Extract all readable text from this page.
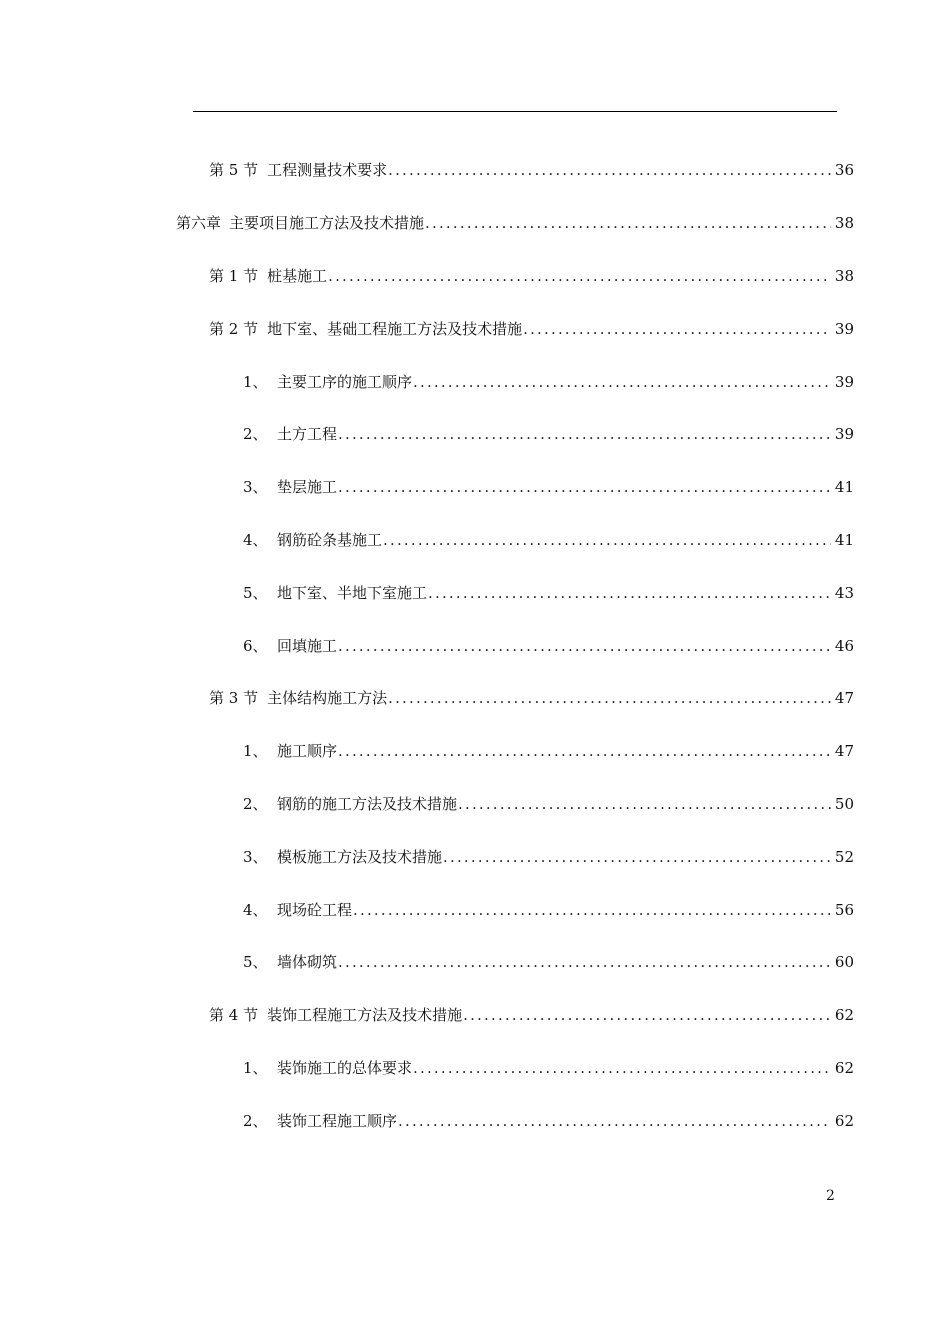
第 5 节 工程测量技术要求 .....	36
第六章 主要项目施工方法及技术措施 .....	38
第 1 节 桩基施工 .....	38
第 2 节 地下室、基础工程施工方法及技术措施 .....	39
1、 主要工序的施工顺序 .....	39
2、 土方工程 .....	39
3、 垫层施工 .....	41
4、 钢筋砼条基施工 .....	41
5、 地下室、半地下室施工 .....	43
6、 回填施工 .....	46
第 3 节 主体结构施工方法 .....	47
1、 施工顺序 .....	47
2、 钢筋的施工方法及技术措施 .....	50
3、 模板施工方法及技术措施 .....	52
4、 现场砼工程 .....	56
5、 墙体砌筑 .....	60
第 4 节 装饰工程施工方法及技术措施 .....	62
1、 装饰施工的总体要求 .....	62
2、 装饰工程施工顺序 .....	62
2
